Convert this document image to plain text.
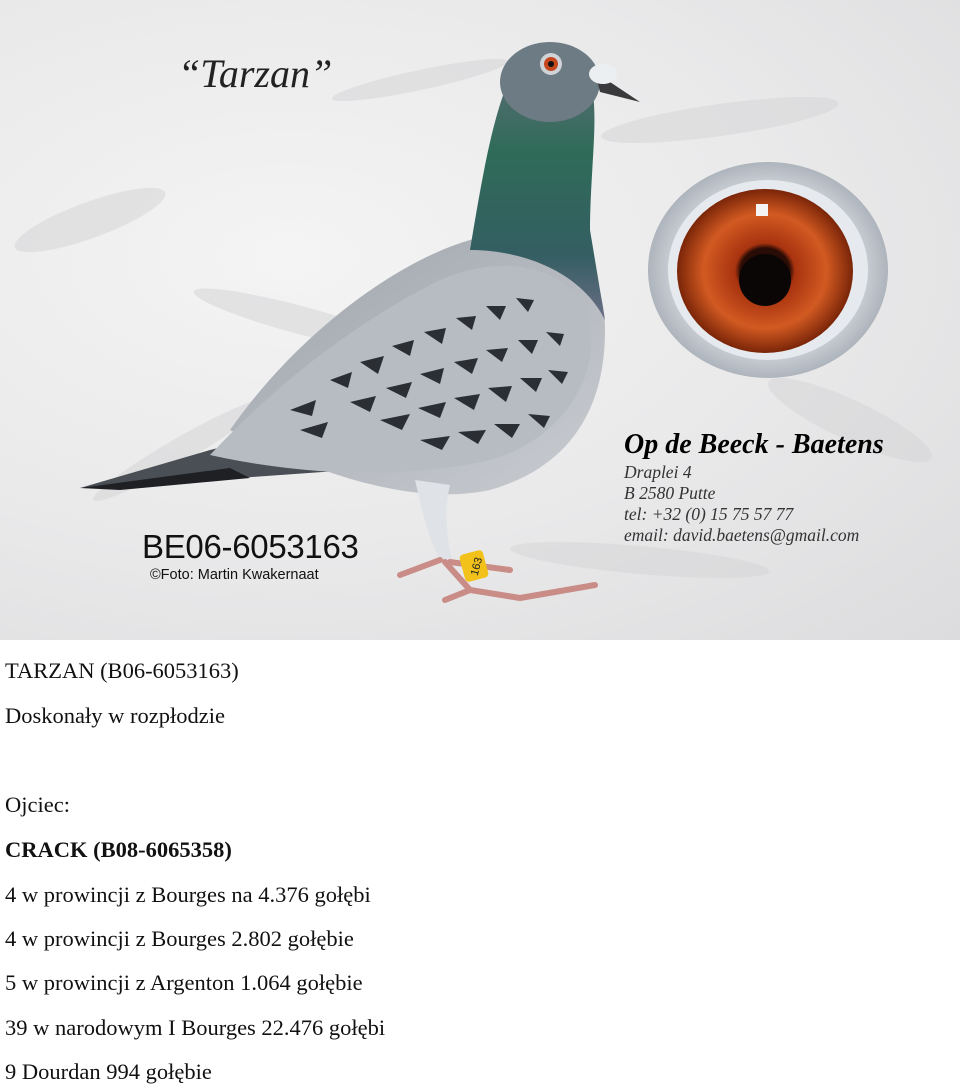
163
“Tarzan”
BE06-6053163
©Foto: Martin Kwakernaat
Op de Beeck - Baetens
Draplei 4
B 2580 Putte
tel: +32 (0) 15 75 57 77
email: david.baetens@gmail.com
TARZAN (B06-6053163)
Doskonały w rozpłodzie
Ojciec:
CRACK (B08-6065358)
4 w prowincji z Bourges na 4.376 gołębi
4 w prowincji z Bourges 2.802 gołębie
5 w prowincji z Argenton 1.064 gołębie
39 w narodowym I Bourges 22.476 gołębi
9 Dourdan 994 gołębie
